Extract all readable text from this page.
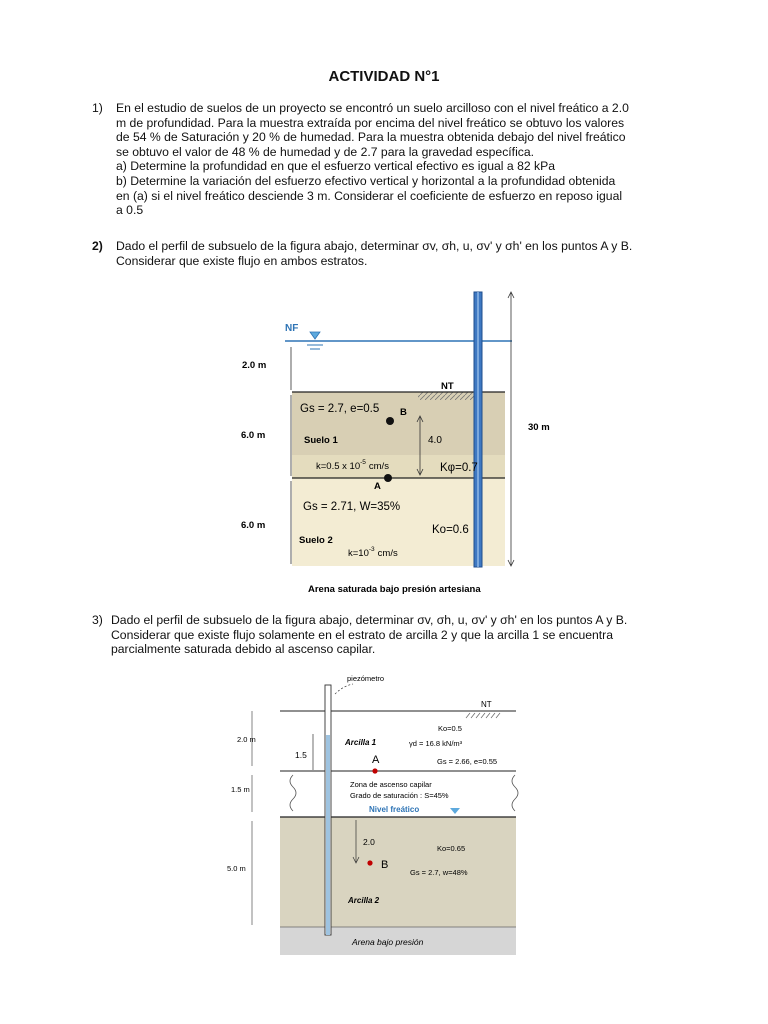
ACTIVIDAD N°1
1) En el estudio de suelos de un proyecto se encontró un suelo arcilloso con el nivel freático a 2.0
m de profundidad. Para la muestra extraída por encima del nivel freático se obtuvo los valores
de 54 % de Saturación y 20 % de humedad. Para la muestra obtenida debajo del nivel freático
se obtuvo el valor de 48 % de humedad y de 2.7 para la gravedad específica.
a) Determine la profundidad en que el esfuerzo vertical efectivo es igual a 82 kPa
b) Determine la variación del esfuerzo efectivo vertical y horizontal a la profundidad obtenida
en (a) si el nivel freático desciende 3 m. Considerar el coeficiente de esfuerzo en reposo igual
a 0.5
2) Dado el perfil de subsuelo de la figura abajo, determinar σv, σh, u, σv' y σh' en los puntos A y B.
Considerar que existe flujo en ambos estratos.
NF
2.0 m
6.0 m
6.0 m
30 m
NT
Gs = 2.7, e=0.5 B
Suelo 1	4.0
k=0.5 x $10^{-5}$ cm/s	Kφ=0.7
A
Gs = 2.71, W=35%
Ko=0.6
Suelo 2
$k=10^{-3}$ cm/s
Arena saturada bajo presión artesiana
3) Dado el perfil de subsuelo de la figura abajo, determinar σv, σh, u, σv' y σh' en los puntos A y B.
Considerar que existe flujo solamente en el estrato de arcilla 2 y que la arcilla 1 se encuentra
parcialmente saturada debido al ascenso capilar.
NT
piezómetro
1.5
2.0 m
1.5 m
5.0 m
Ko=0.5
Arcilla 1	γd = 16.8 kN/m³
A	Gs = 2.66, e=0.55
Zona de ascenso capilar
Grado de saturación : S=45%
Nivel freático
2.0
Ko=0.65
B
Gs = 2.7, w=48%
Arcilla 2
Arena bajo presión
